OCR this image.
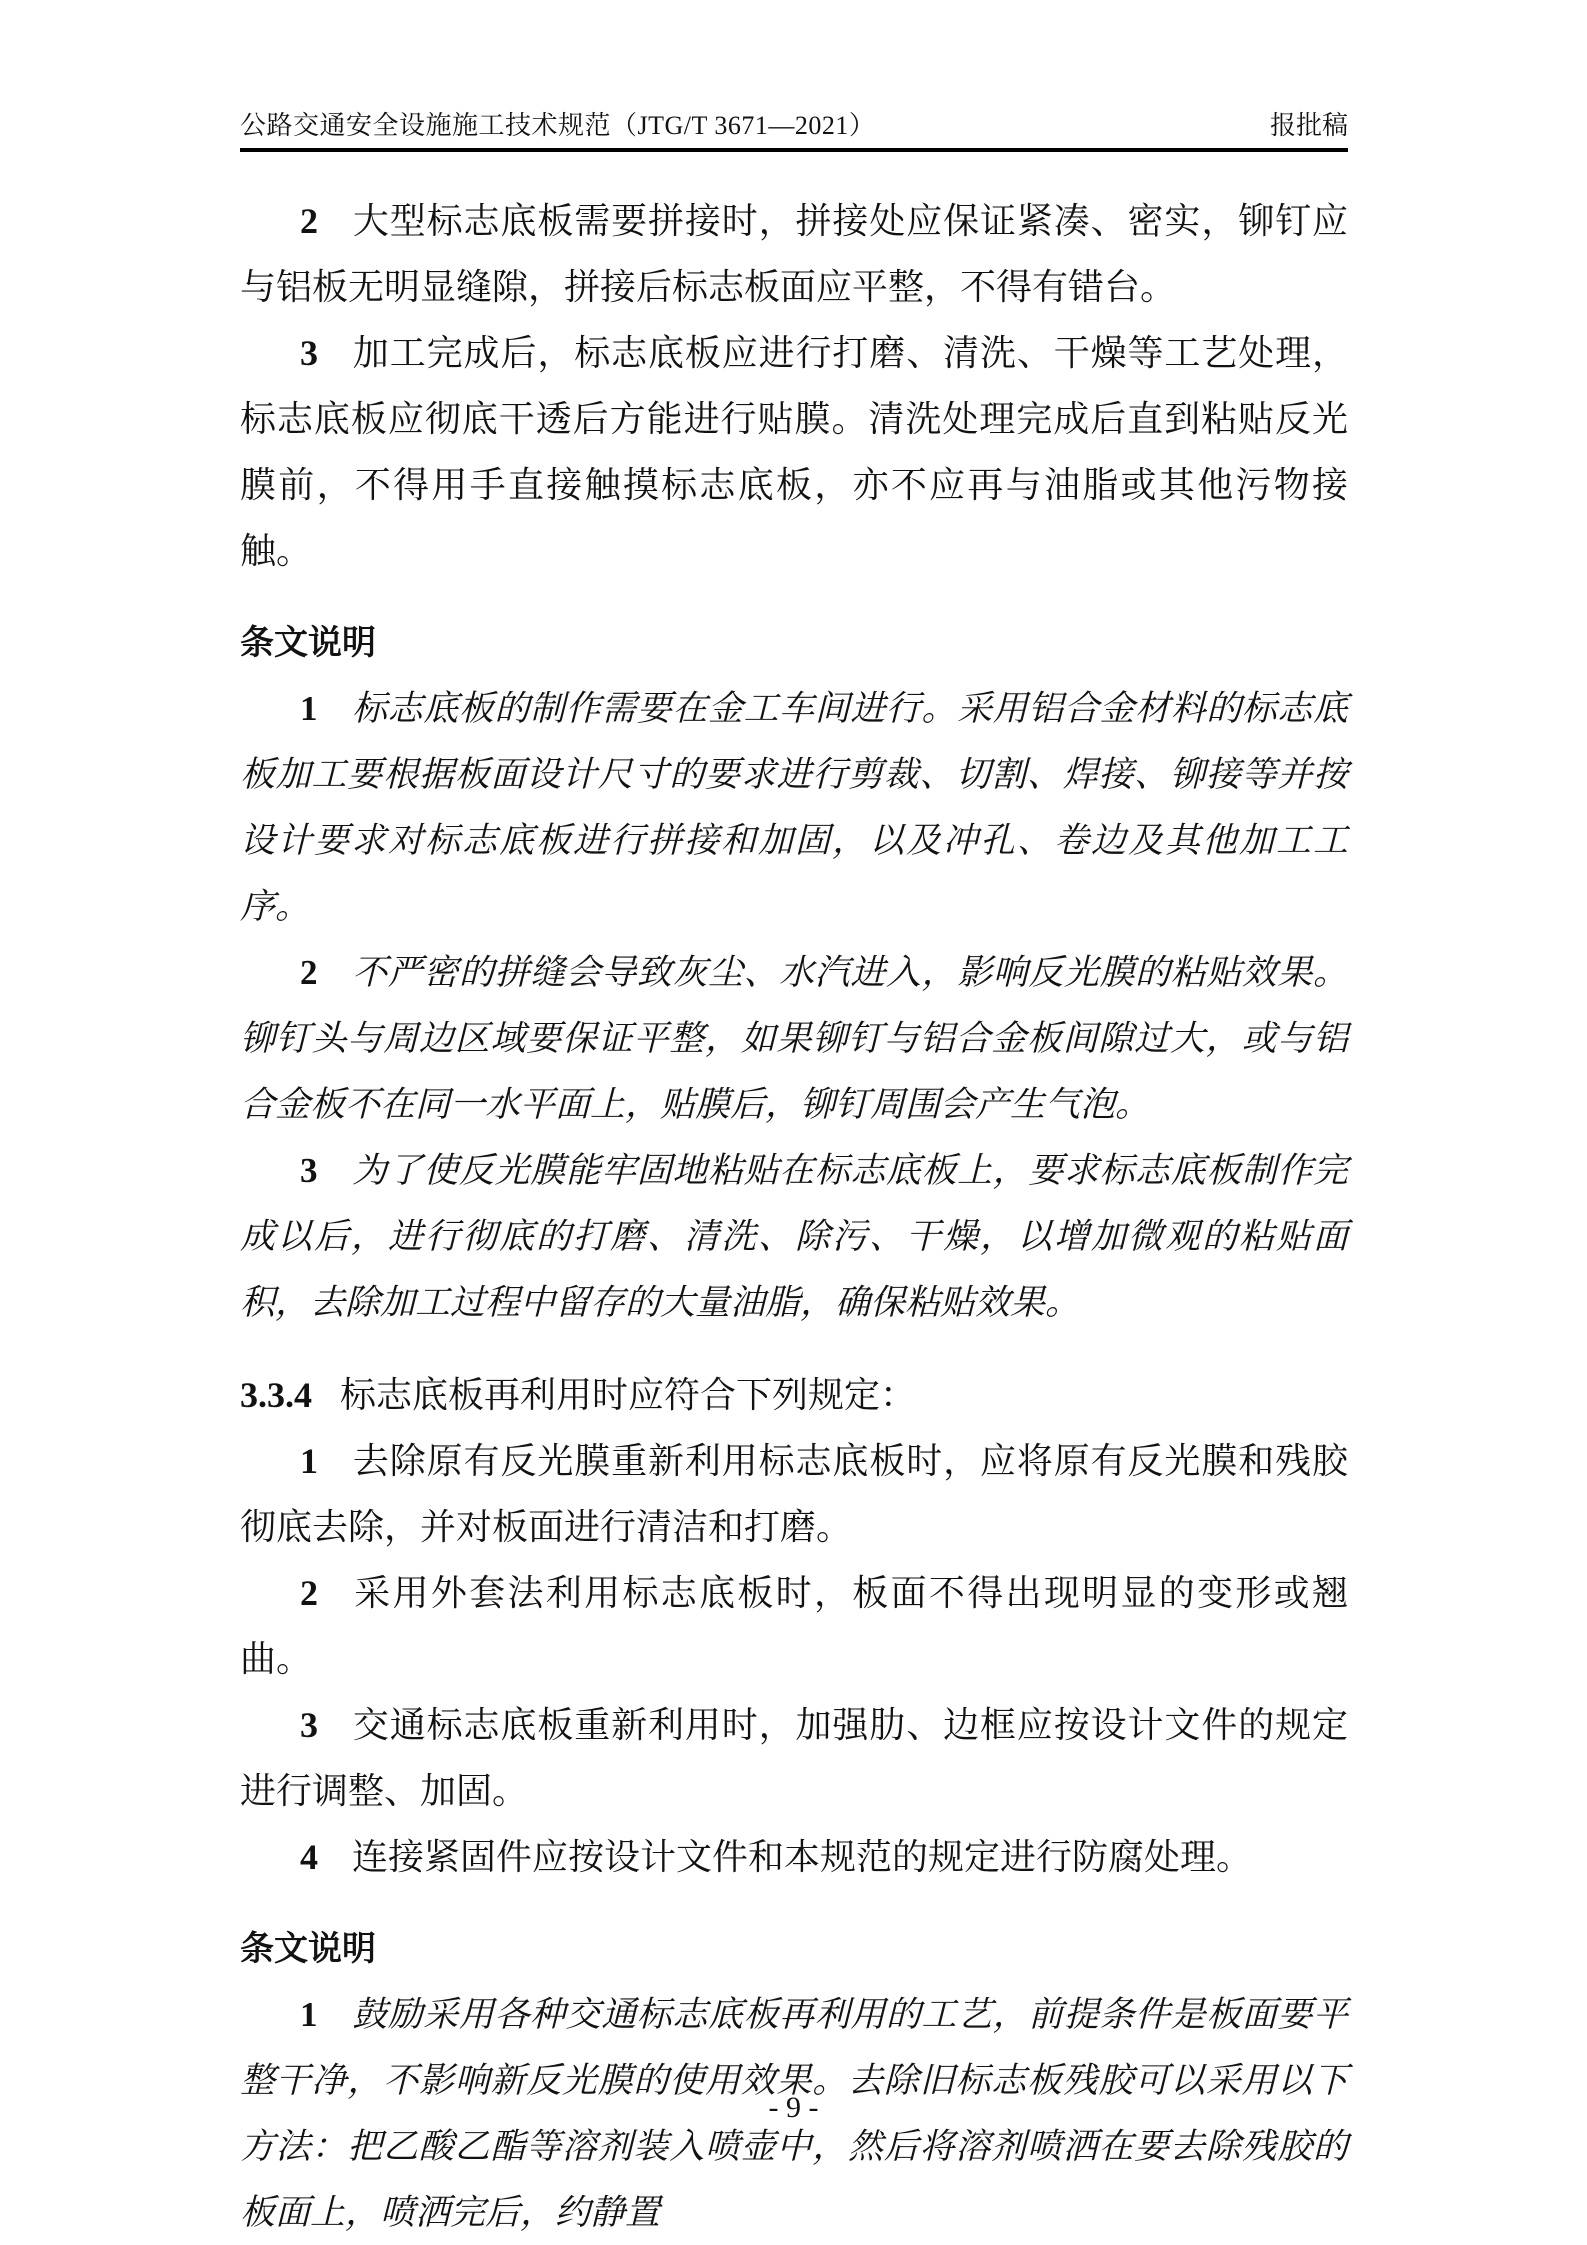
公路交通安全设施施工技术规范（JTG/T 3671—2021）	报批稿

2 大型标志底板需要拼接时，拼接处应保证紧凑、密实，铆钉应与铝板无明显缝隙，拼接后标志板面应平整，不得有错台。

3 加工完成后，标志底板应进行打磨、清洗、干燥等工艺处理，标志底板应彻底干透后方能进行贴膜。清洗处理完成后直到粘贴反光膜前，不得用手直接触摸标志底板，亦不应再与油脂或其他污物接触。

条文说明

1 标志底板的制作需要在金工车间进行。采用铝合金材料的标志底板加工要根据板面设计尺寸的要求进行剪裁、切割、焊接、铆接等并按设计要求对标志底板进行拼接和加固，以及冲孔、卷边及其他加工工序。

2 不严密的拼缝会导致灰尘、水汽进入，影响反光膜的粘贴效果。铆钉头与周边区域要保证平整，如果铆钉与铝合金板间隙过大，或与铝合金板不在同一水平面上，贴膜后，铆钉周围会产生气泡。

3 为了使反光膜能牢固地粘贴在标志底板上，要求标志底板制作完成以后，进行彻底的打磨、清洗、除污、干燥，以增加微观的粘贴面积，去除加工过程中留存的大量油脂，确保粘贴效果。

3.3.4 标志底板再利用时应符合下列规定：

1 去除原有反光膜重新利用标志底板时，应将原有反光膜和残胶彻底去除，并对板面进行清洁和打磨。

2 采用外套法利用标志底板时，板面不得出现明显的变形或翘曲。

3 交通标志底板重新利用时，加强肋、边框应按设计文件的规定进行调整、加固。

4 连接紧固件应按设计文件和本规范的规定进行防腐处理。

条文说明

1 鼓励采用各种交通标志底板再利用的工艺，前提条件是板面要平整干净，不影响新反光膜的使用效果。去除旧标志板残胶可以采用以下方法：把乙酸乙酯等溶剂装入喷壶中，然后将溶剂喷洒在要去除残胶的板面上，喷洒完后，约静置

- 9 -
